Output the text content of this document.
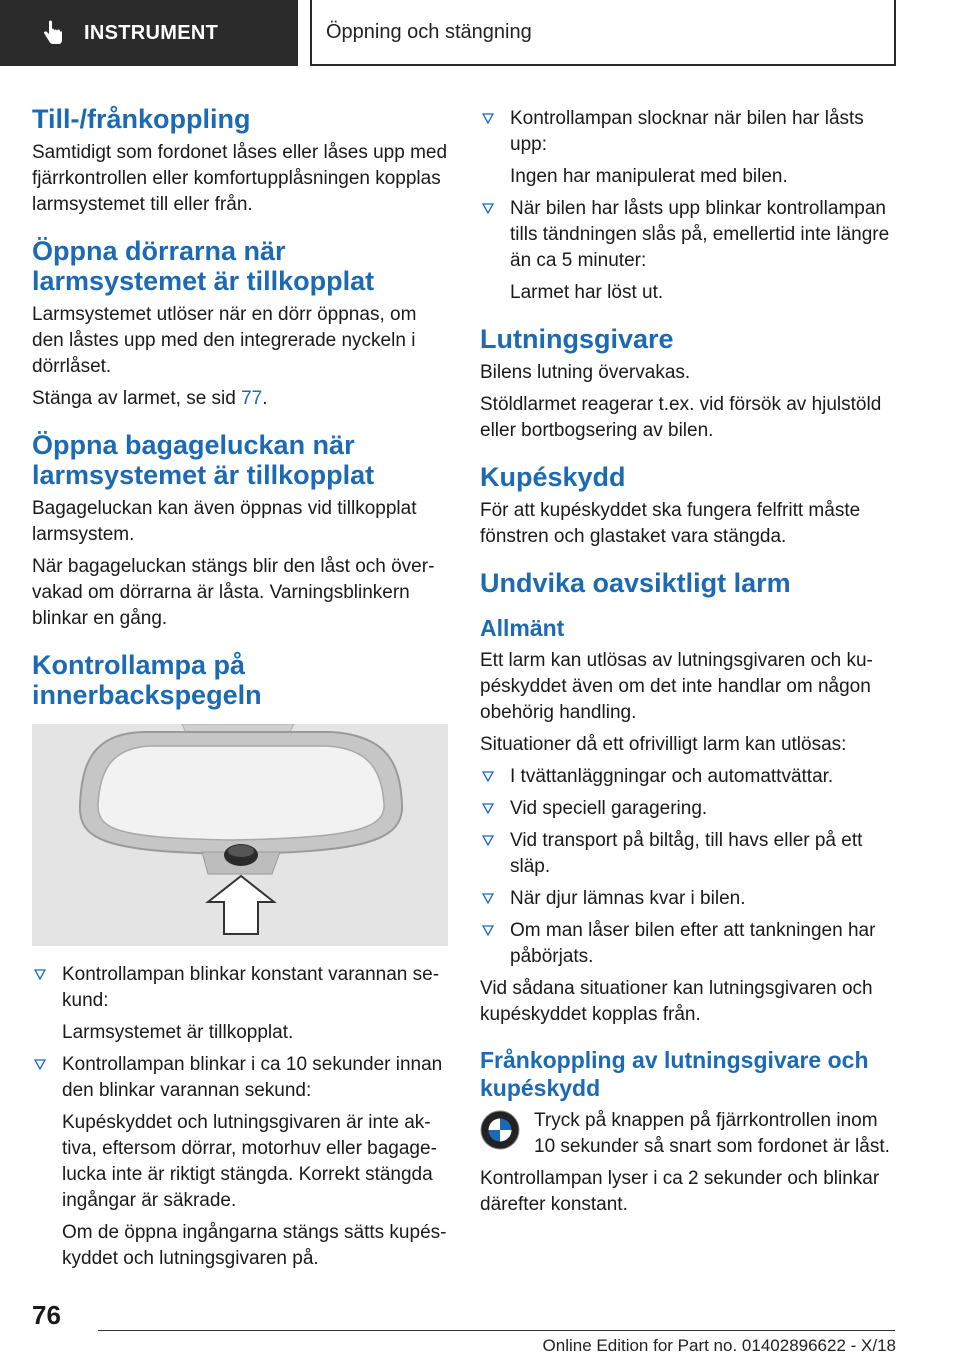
INSTRUMENT	Öppning och stängning
Till-/frånkoppling

Samtidigt som fordonet låses eller låses upp med fjärrkontrollen eller komfortupplåsningen kopplas larmsystemet till eller från.

Öppna dörrarna när larmsystemet är tillkopplat

Larmsystemet utlöser när en dörr öppnas, om den låstes upp med den integrerade nyckeln i dörrlåset.

Stänga av larmet, se sid 77.

Öppna bagageluckan när larmsystemet är tillkopplat

Bagageluckan kan även öppnas vid tillkopplat larmsystem.

När bagageluckan stängs blir den låst och övervakad om dörrarna är låsta. Varningsblinkern blinkar en gång.

Kontrollampa på innerbackspegeln
Kontrollampan blinkar konstant varannan sekund:
Larmsystemet är tillkopplat.
Kontrollampan blinkar i ca 10 sekunder innan den blinkar varannan sekund:
Kupéskyddet och lutningsgivaren är inte aktiva, eftersom dörrar, motorhuv eller bagagelucka inte är riktigt stängda. Korrekt stängda ingångar är säkrade.
Om de öppna ingångarna stängs sätts kupéskyddet och lutningsgivaren på.
Kontrollampan slocknar när bilen har låsts upp:
Ingen har manipulerat med bilen.
När bilen har låsts upp blinkar kontrollampan tills tändningen slås på, emellertid inte längre än ca 5 minuter:
Larmet har löst ut.
Lutningsgivare

Bilens lutning övervakas.

Stöldlarmet reagerar t.ex. vid försök av hjulstöld eller bortbogsering av bilen.

Kupéskydd

För att kupéskyddet ska fungera felfritt måste fönstren och glastaket vara stängda.

Undvika oavsiktligt larm
Allmänt

Ett larm kan utlösas av lutningsgivaren och kupéskyddet även om det inte handlar om någon obehörig handling.

Situationer då ett ofrivilligt larm kan utlösas:

I tvättanläggningar och automattvättar.
Vid speciell garagering.
Vid transport på biltåg, till havs eller på ett släp.
När djur lämnas kvar i bilen.
Om man låser bilen efter att tankningen har påbörjats.

Vid sådana situationer kan lutningsgivaren och kupéskyddet kopplas från.

Frånkoppling av lutningsgivare och kupéskydd

Tryck på knappen på fjärrkontrollen inom 10 sekunder så snart som fordonet är låst.

Kontrollampan lyser i ca 2 sekunder och blinkar därefter konstant.

76
Online Edition for Part no. 01402896622 - X/18
